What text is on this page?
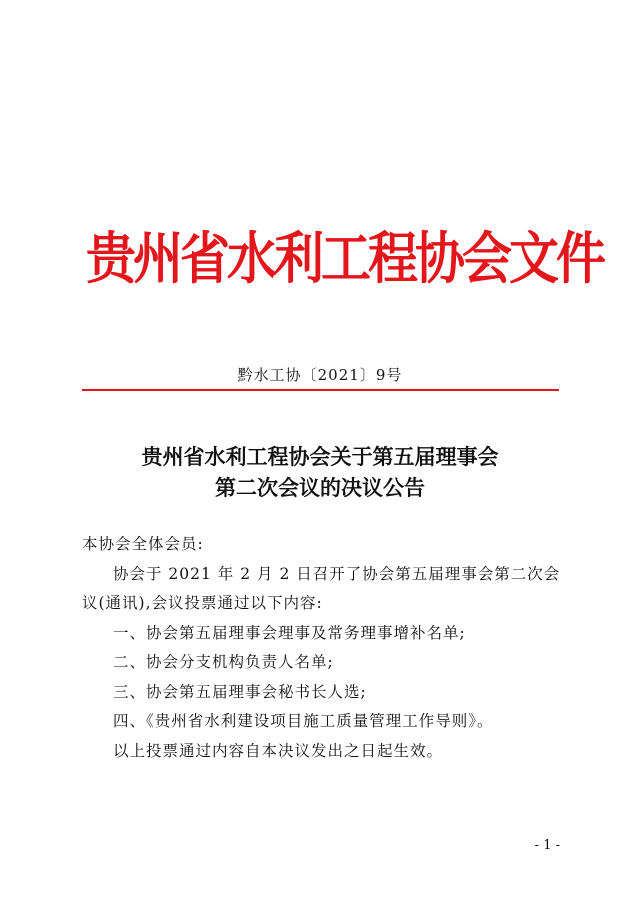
贵州省水利工程协会文件
黔水工协〔2021〕9号
贵州省水利工程协会关于第五届理事会
第二次会议的决议公告

本协会全体会员:

协会于 2021 年 2 月 2 日召开了协会第五届理事会第二次会议(通讯),会议投票通过以下内容:

一、协会第五届理事会理事及常务理事增补名单;

二、协会分支机构负责人名单;

三、协会第五届理事会秘书长人选;

四、《贵州省水利建设项目施工质量管理工作导则》。

以上投票通过内容自本决议发出之日起生效。

- 1 -
